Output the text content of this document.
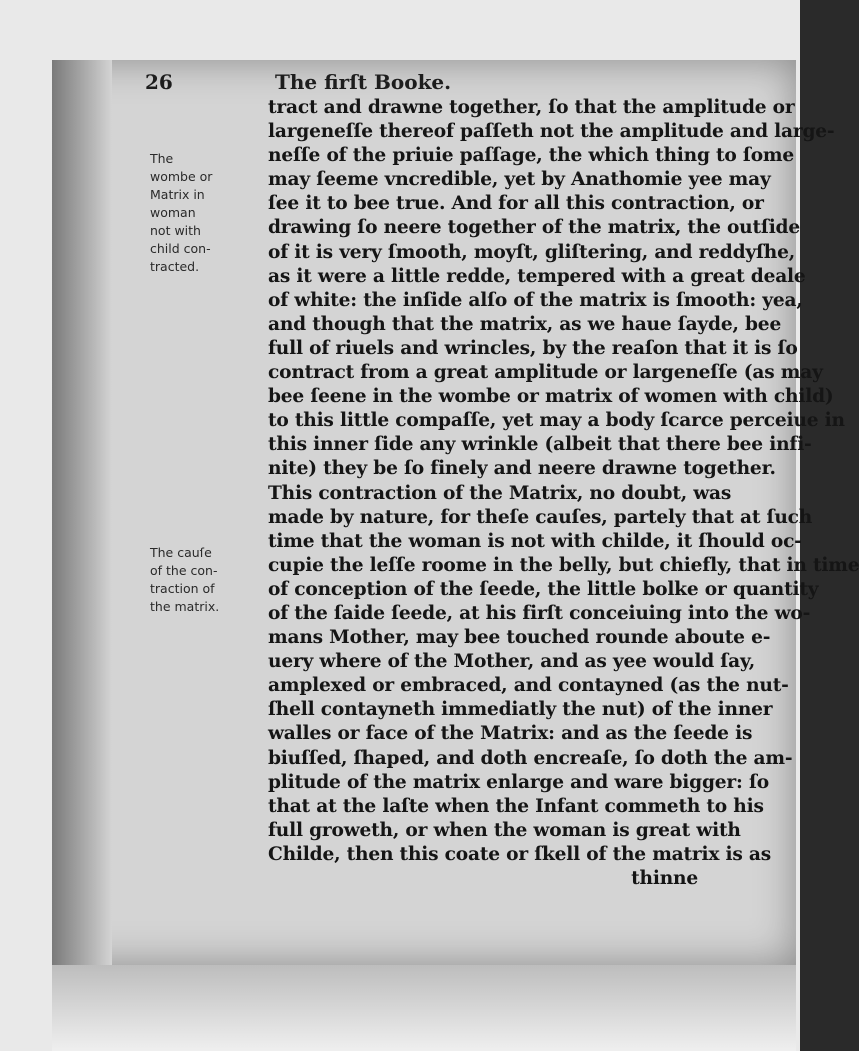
26	The firſt Booke.
The
wombe or
Matrix in
woman
not with
child con-
tracted.
The cauſe
of the con-
traction of
the matrix.
tract and drawne together, ſo that the amplitude or
largeneſſe thereof paſſeth not the amplitude and large-
neſſe of the priuie paſſage, the which thing to ſome
may ſeeme vncredible, yet by Anathomie yee may
ſee it to bee true. And for all this contraction, or
drawing ſo neere together of the matrix, the outſide
of it is very ſmooth, moyſt, gliſtering, and reddyſhe,
as it were a little redde, tempered with a great deale
of white: the inſide alſo of the matrix is ſmooth: yea,
and though that the matrix, as we haue ſayde, bee
full of riuels and wrincles, by the reaſon that it is ſo
contract from a great amplitude or largeneſſe (as may
bee ſeene in the wombe or matrix of women with child)
to this little compaſſe, yet may a body ſcarce perceiue in
this inner ſide any wrinkle (albeit that there bee infi-
nite) they be ſo finely and neere drawne together.
This contraction of the Matrix, no doubt, was
made by nature, for theſe cauſes, partely that at ſuch
time that the woman is not with childe, it ſhould oc-
cupie the leſſe roome in the belly, but chiefly, that in time
of conception of the ſeede, the little bolke or quantity
of the ſaide ſeede, at his firſt conceiuing into the wo-
mans Mother, may bee touched rounde aboute e-
uery where of the Mother, and as yee would ſay,
amplexed or embraced, and contayned (as the nut-
ſhell contayneth immediatly the nut) of the inner
walles or face of the Matrix: and as the ſeede is
biuſſed, ſhaped, and doth encreaſe, ſo doth the am-
plitude of the matrix enlarge and ware bigger: ſo
that at the laſte when the Infant commeth to his
full groweth, or when the woman is great with
Childe, then this coate or ſkell of the matrix is as
thinne
